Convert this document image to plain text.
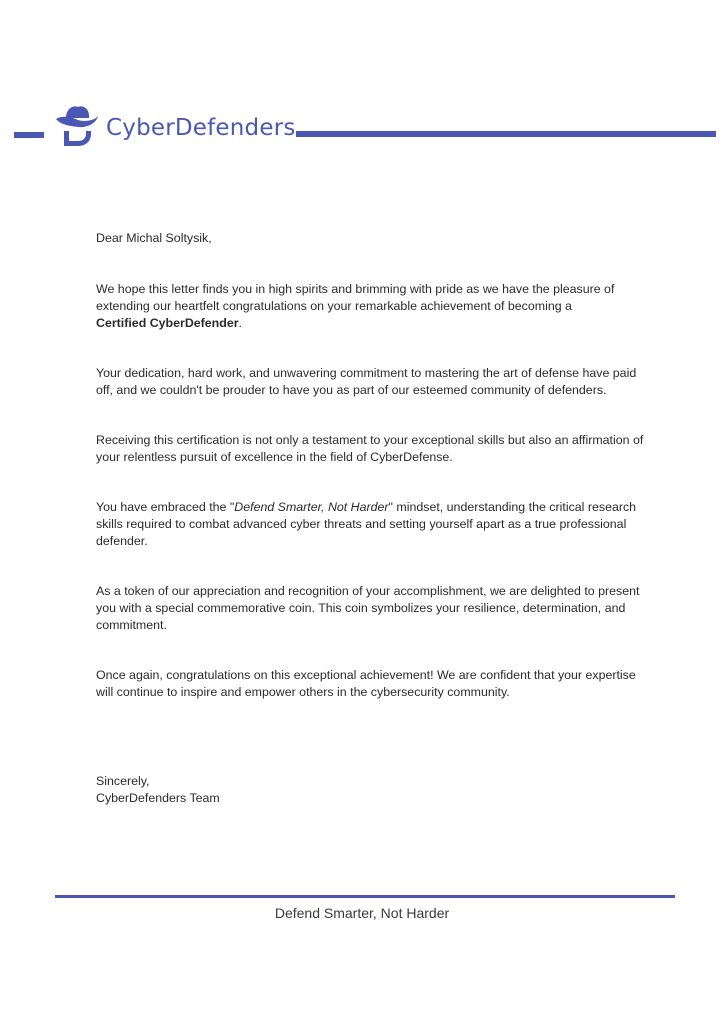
CyberDefenders

Dear Michal Soltysik,

We hope this letter finds you in high spirits and brimming with pride as we have the pleasure of extending our heartfelt congratulations on your remarkable achievement of becoming a
Certified CyberDefender.

Your dedication, hard work, and unwavering commitment to mastering the art of defense have paid off, and we couldn't be prouder to have you as part of our esteemed community of defenders.

Receiving this certification is not only a testament to your exceptional skills but also an affirmation of your relentless pursuit of excellence in the field of CyberDefense.

You have embraced the "Defend Smarter, Not Harder" mindset, understanding the critical research skills required to combat advanced cyber threats and setting yourself apart as a true professional defender.

As a token of our appreciation and recognition of your accomplishment, we are delighted to present you with a special commemorative coin. This coin symbolizes your resilience, determination, and commitment.

Once again, congratulations on this exceptional achievement! We are confident that your expertise will continue to inspire and empower others in the cybersecurity community.

Sincerely,

CyberDefenders Team

Defend Smarter, Not Harder
